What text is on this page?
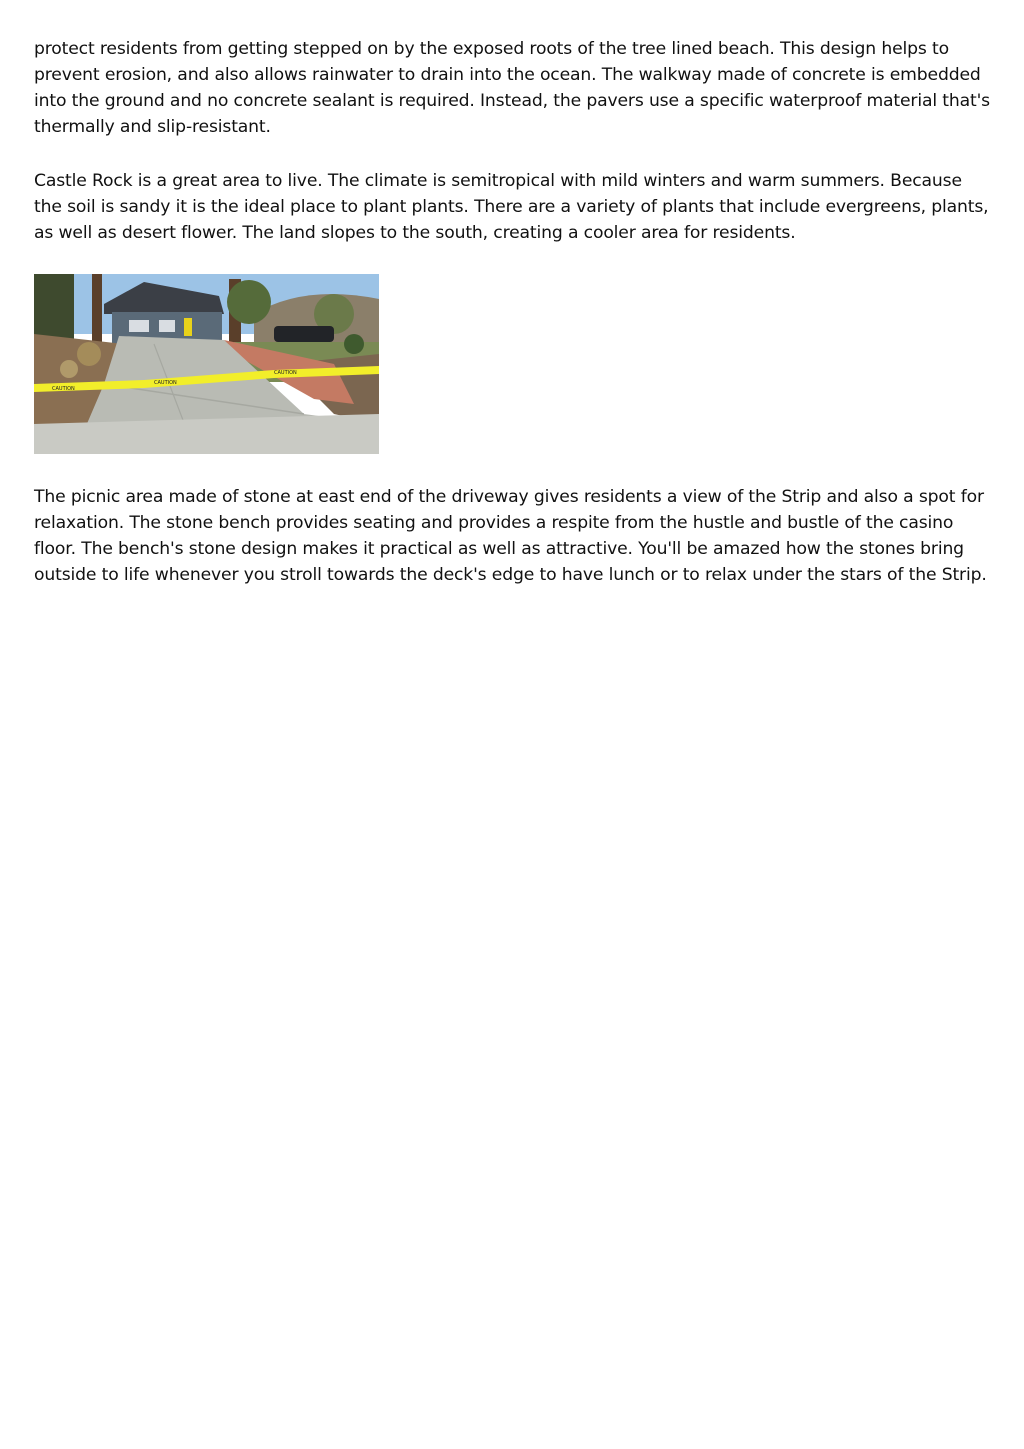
protect residents from getting stepped on by the exposed roots of the tree lined beach. This design helps to prevent erosion, and also allows rainwater to drain into the ocean. The walkway made of concrete is embedded into the ground and no concrete sealant is required. Instead, the pavers use a specific waterproof material that's thermally and slip-resistant.

Castle Rock is a great area to live. The climate is semitropical with mild winters and warm summers. Because the soil is sandy it is the ideal place to plant plants. There are a variety of plants that include evergreens, plants, as well as desert flower. The land slopes to the south, creating a cooler area for residents.

CAUTION
CAUTION
CAUTION

The picnic area made of stone at east end of the driveway gives residents a view of the Strip and also a spot for relaxation. The stone bench provides seating and provides a respite from the hustle and bustle of the casino floor. The bench's stone design makes it practical as well as attractive. You'll be amazed how the stones bring outside to life whenever you stroll towards the deck's edge to have lunch or to relax under the stars of the Strip.
